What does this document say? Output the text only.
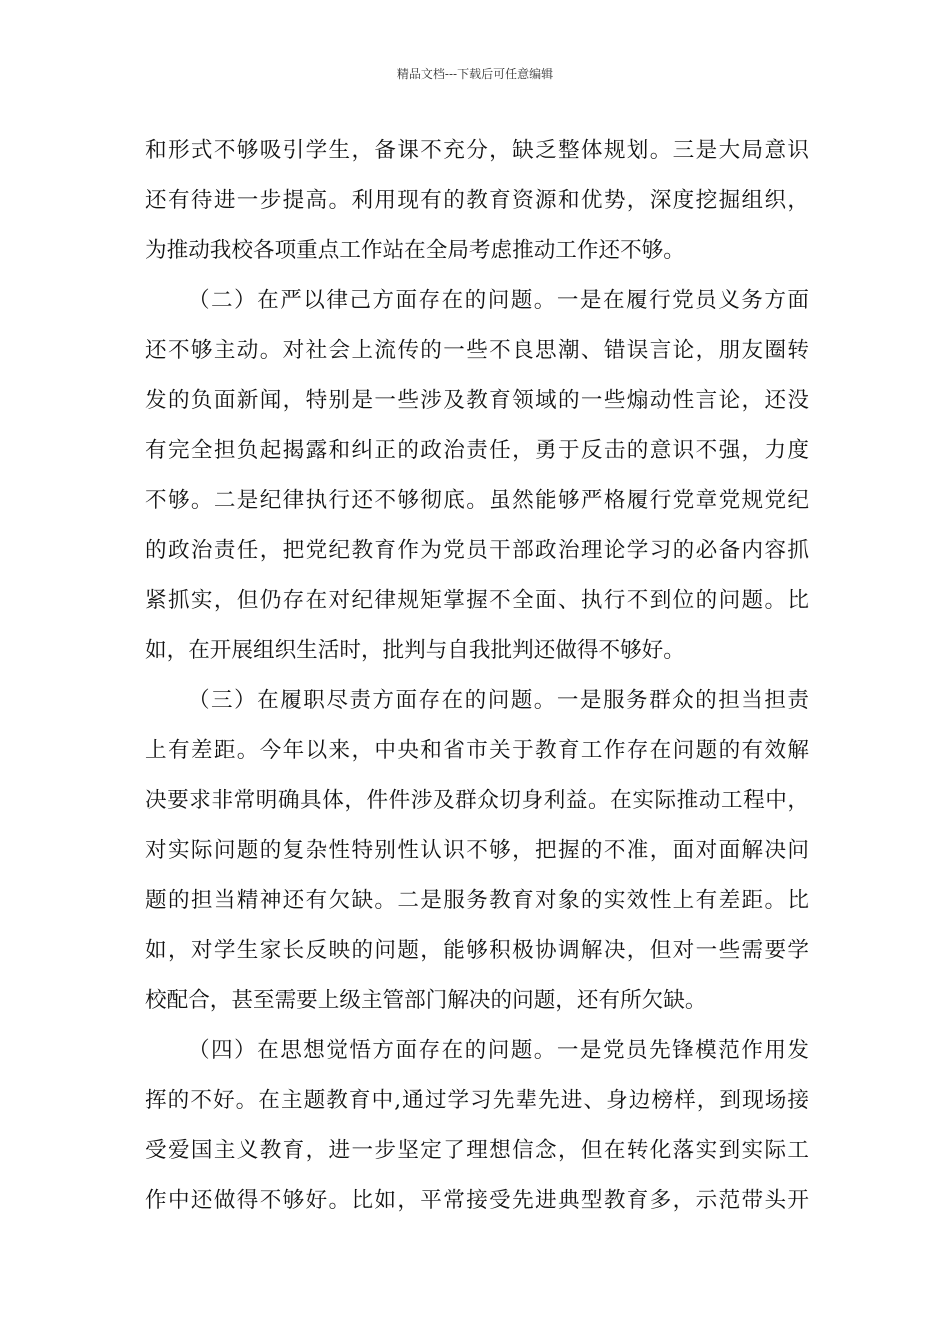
精品文档---下载后可任意编辑
和形式不够吸引学生，备课不充分，缺乏整体规划。三是大局意识
还有待进一步提高。利用现有的教育资源和优势，深度挖掘组织，
为推动我校各项重点工作站在全局考虑推动工作还不够。
（二）在严以律己方面存在的问题。一是在履行党员义务方面
还不够主动。对社会上流传的一些不良思潮、错误言论，朋友圈转
发的负面新闻，特别是一些涉及教育领域的一些煽动性言论，还没
有完全担负起揭露和纠正的政治责任，勇于反击的意识不强，力度
不够。二是纪律执行还不够彻底。虽然能够严格履行党章党规党纪
的政治责任，把党纪教育作为党员干部政治理论学习的必备内容抓
紧抓实，但仍存在对纪律规矩掌握不全面、执行不到位的问题。比
如，在开展组织生活时，批判与自我批判还做得不够好。
（三）在履职尽责方面存在的问题。一是服务群众的担当担责
上有差距。今年以来，中央和省市关于教育工作存在问题的有效解
决要求非常明确具体，件件涉及群众切身利益。在实际推动工程中，
对实际问题的复杂性特别性认识不够，把握的不准，面对面解决问
题的担当精神还有欠缺。二是服务教育对象的实效性上有差距。比
如，对学生家长反映的问题，能够积极协调解决，但对一些需要学
校配合，甚至需要上级主管部门解决的问题，还有所欠缺。
（四）在思想觉悟方面存在的问题。一是党员先锋模范作用发
挥的不好。在主题教育中,通过学习先辈先进、身边榜样，到现场接
受爱国主义教育，进一步坚定了理想信念，但在转化落实到实际工
作中还做得不够好。比如，平常接受先进典型教育多，示范带头开
